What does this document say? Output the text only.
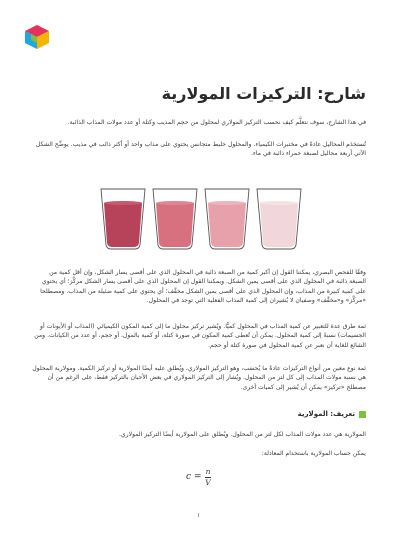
شارح: التركيزات المولارية

في هذا الشارح، سوف نتعلَّم كيف نحسب التركيز المولاري لمحلول من حجم المذيب وكتلة أو عدد مولات المذاب الذائبة.

تُستخدَم المحاليل عادةً في مختبرات الكيمياء. والمحلول خليط متجانس يحتوي على مذاب واحد أو أكثر ذائب في مذيب. يوضِّح الشكل الآتي أربعة محاليل لصبغة حمراء ذائبة في ماء.

وفقًا للفحص البصري، يمكننا القول إن أكبر كمية من الصبغة ذائبة في المحلول الذي على أقصى يسار الشكل، وإن أقل كمية من الصبغة ذائبة في المحلول الذي على أقصى يمين الشكل. ويمكننا القول إن المحلول الذي على أقصى يسار الشكل مركَّز؛ أي يحتوي على كمية كبيرة من المذاب، وإن المحلول الذي على أقصى يمين الشكل مخفَّف؛ أي يحتوي على كمية ضئيلة من المذاب. ومصطلحا «مركَّز» و«مخفَّف» وصفيان لا يُشيران إلى كمية المذاب الفعلية التي توجد في المحلول.

ثمة طرق عدة للتعبير عن كمية المذاب في المحلول كميًّا. ويُشير تركيز محلول ما إلى كمية المكون الكيميائي (المذاب أو الأيونات أو الجسيمات) نسبةً إلى كمية المحلول. يمكن أن تُعطى كمية المكون في صورة كتلة، أو كمية بالمول، أو حجم، أو عدد من الكيانات. ومن الشائع للغاية أن نعبر عن كمية المحلول في صورة كتلة أو حجم.

ثمة نوع معين من أنواع التركيزات عادةً ما يُحسَب، وهو التركيز المولاري، ويُطلق عليه أيضًا المولارية أو تركيز الكمية. ومولارية المحلول هي نسبة مولات المذاب إلى كل لتر من المحلول. ويُشار إلى التركيز المولاري في بعض الأحيان بالتركيز فقط، على الرغم من أن مصطلح «تركيز» يمكن أن يُشير إلى كميات أخرى.

تعريف: المولارية

المولارية هي عدد مولات المذاب لكل لتر من المحلول. ويُطلق على المولارية أيضًا التركيز المولاري.

يمكن حساب المولارية باستخدام المعادلة:

$c = \frac{n}{V}$
١
